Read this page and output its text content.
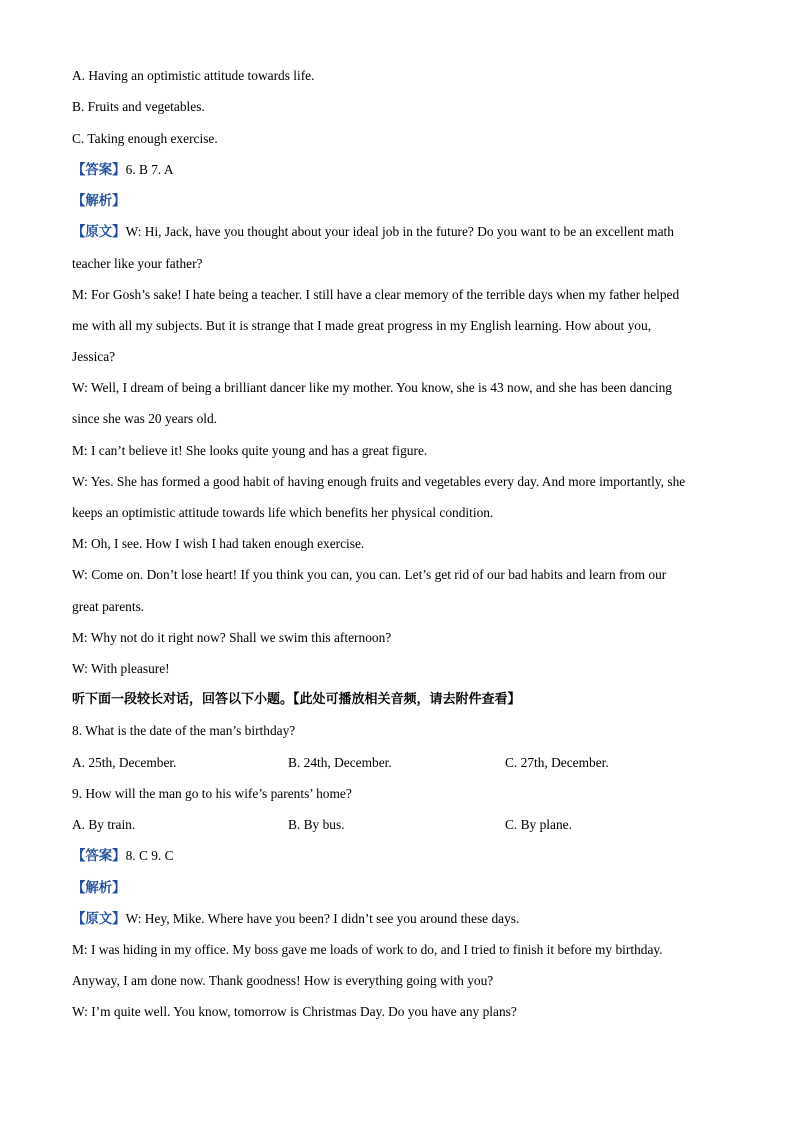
A. Having an optimistic attitude towards life.
B. Fruits and vegetables.
C. Taking enough exercise.
【答案】6. B 7. A
【解析】
【原文】W: Hi, Jack, have you thought about your ideal job in the future? Do you want to be an excellent math
teacher like your father?
M: For Gosh’s sake! I hate being a teacher. I still have a clear memory of the terrible days when my father helped
me with all my subjects. But it is strange that I made great progress in my English learning. How about you,
Jessica?
W: Well, I dream of being a brilliant dancer like my mother. You know, she is 43 now, and she has been dancing
since she was 20 years old.
M: I can’t believe it! She looks quite young and has a great figure.
W: Yes. She has formed a good habit of having enough fruits and vegetables every day. And more importantly, she
keeps an optimistic attitude towards life which benefits her physical condition.
M: Oh, I see. How I wish I had taken enough exercise.
W: Come on. Don’t lose heart! If you think you can, you can. Let’s get rid of our bad habits and learn from our
great parents.
M: Why not do it right now? Shall we swim this afternoon?
W: With pleasure!
听下面一段较长对话，回答以下小题。【此处可播放相关音频，请去附件查看】
8. What is the date of the man’s birthday?
A. 25th, December.	B. 24th, December.	C. 27th, December.
9. How will the man go to his wife’s parents’ home?
A. By train.	B. By bus.	C. By plane.
【答案】8. C 9. C
【解析】
【原文】W: Hey, Mike. Where have you been? I didn’t see you around these days.
M: I was hiding in my office. My boss gave me loads of work to do, and I tried to finish it before my birthday.
Anyway, I am done now. Thank goodness! How is everything going with you?
W: I’m quite well. You know, tomorrow is Christmas Day. Do you have any plans?
